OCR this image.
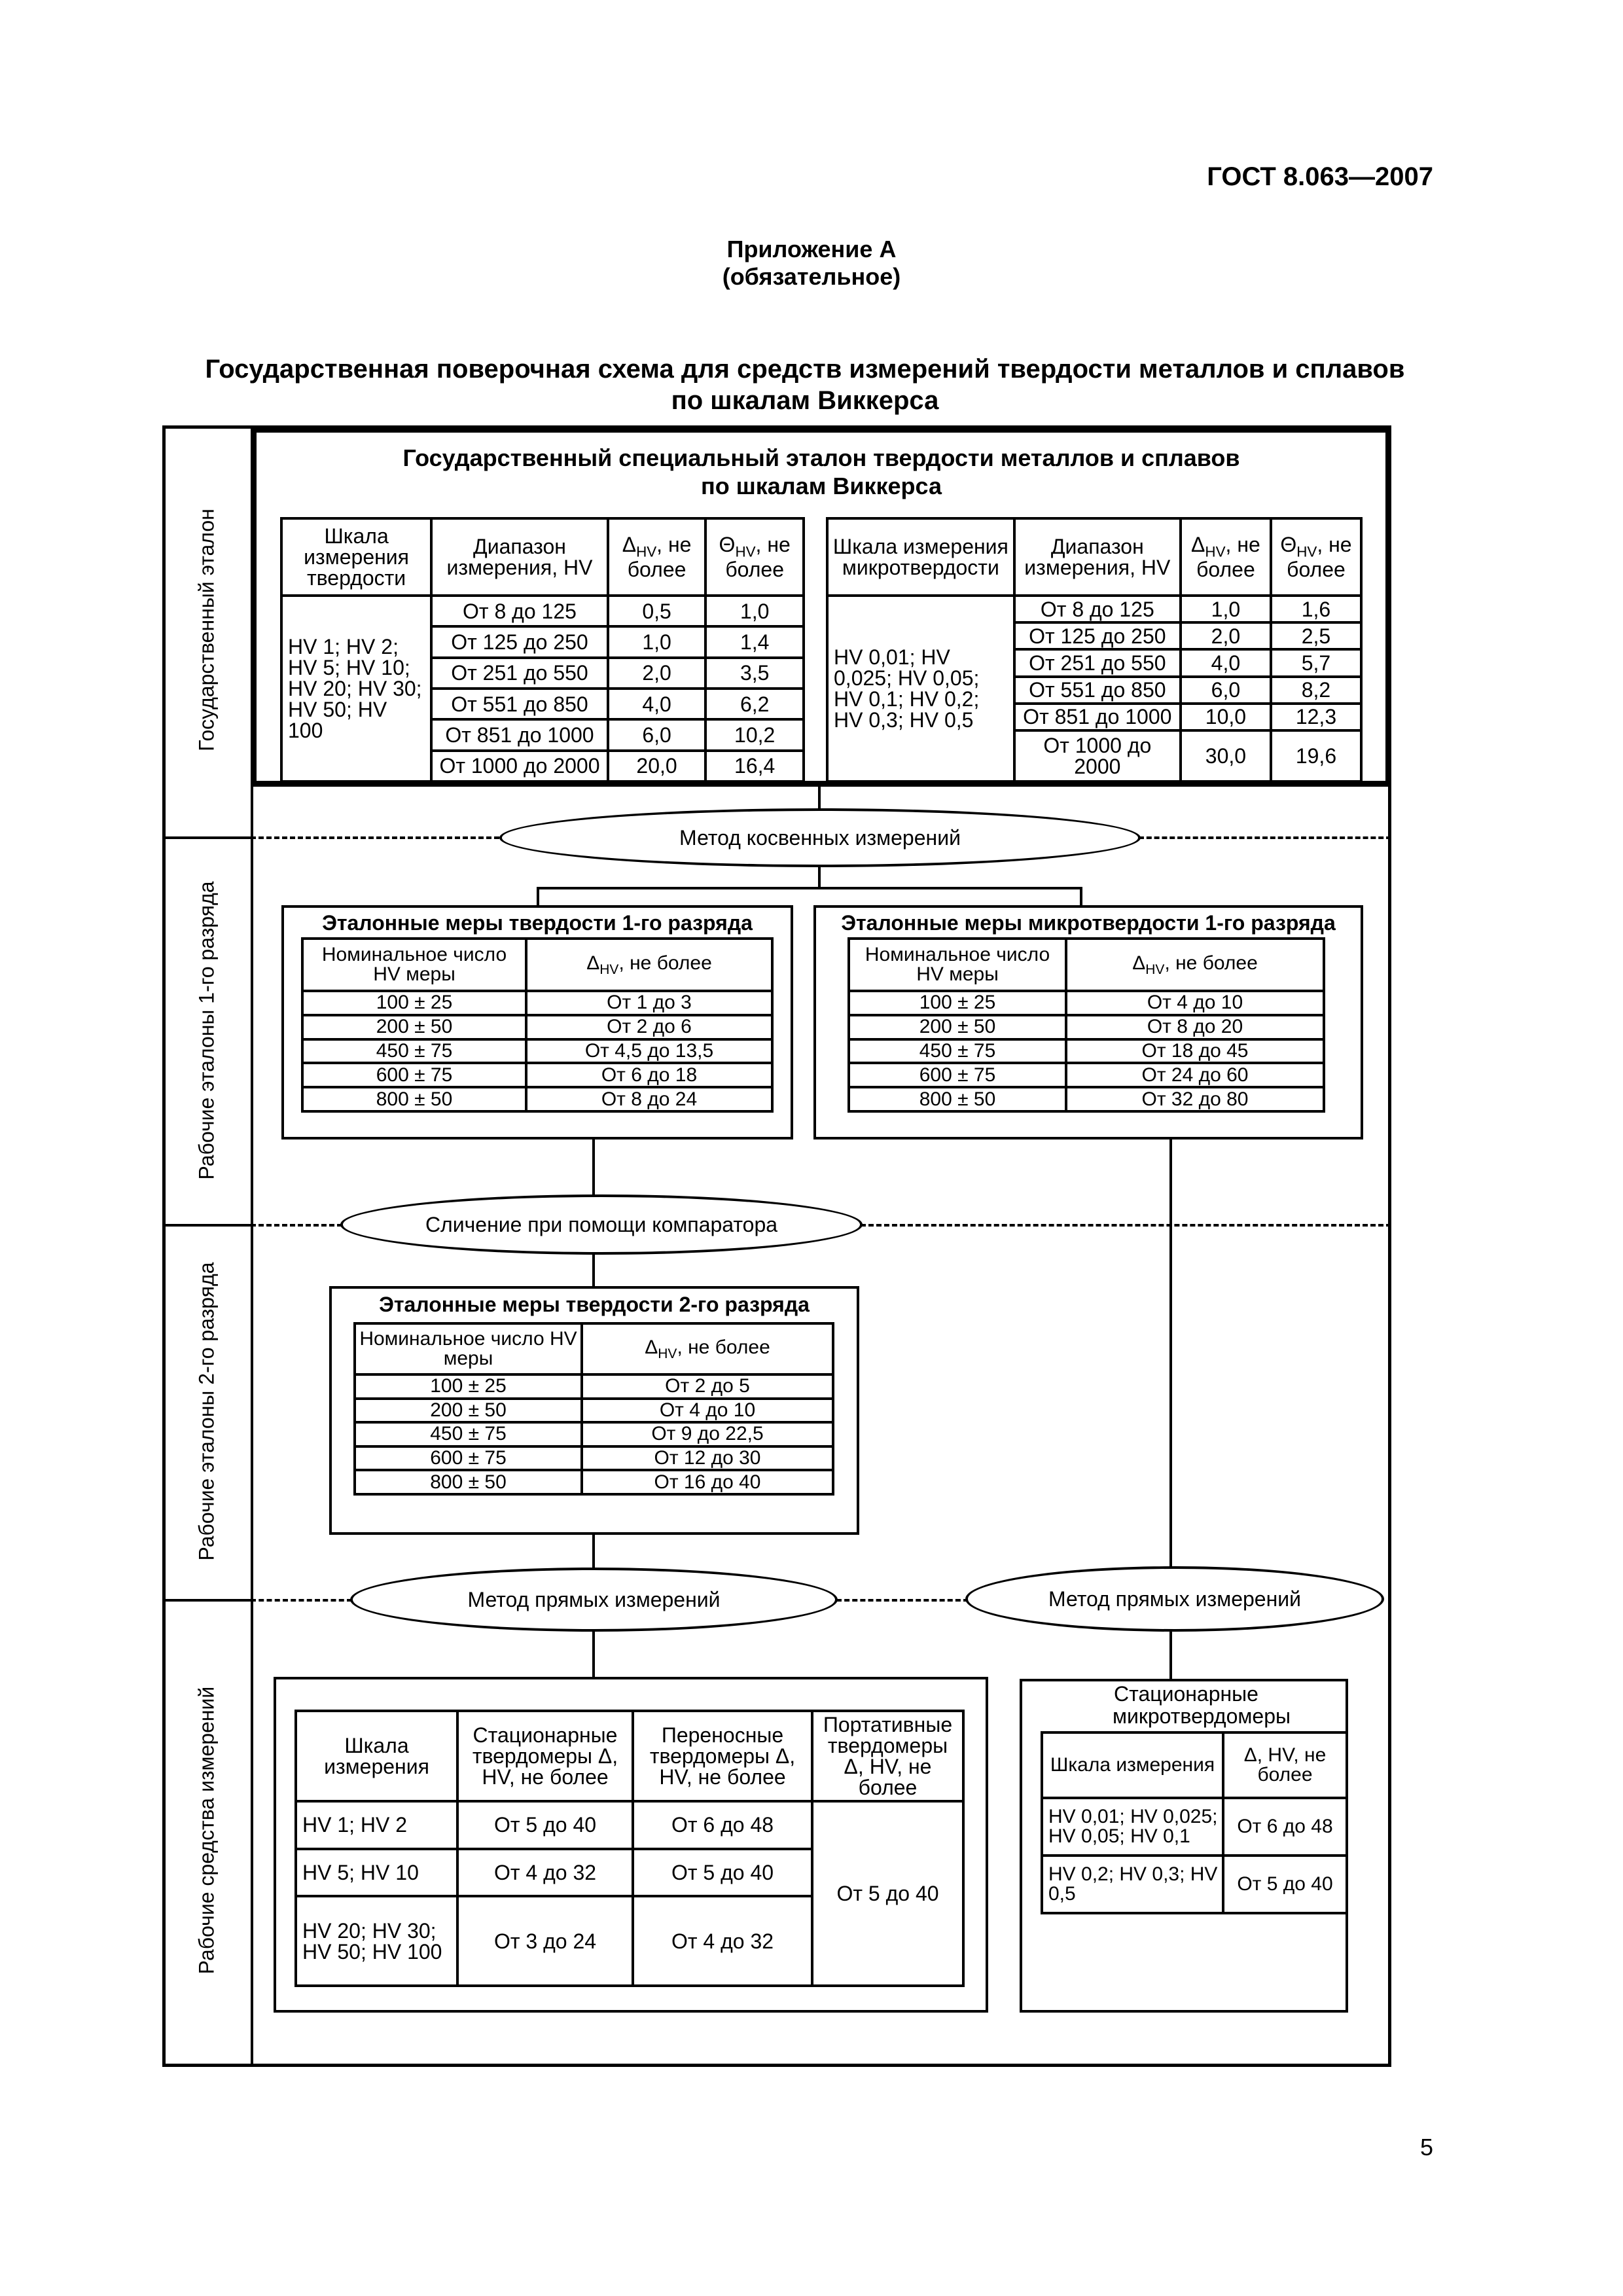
ГОСТ 8.063—2007
Приложение А
(обязательное)
Государственная поверочная схема для средств измерений твердости металлов и сплавов
по шкалам Виккерса
Государственный эталон
Рабочие эталоны 1-го разряда
Рабочие эталоны 2-го разряда
Рабочие средства измерений
Государственный специальный эталон твердости металлов и сплавов
по шкалам Виккерса
Шкала измерения твердости	Диапазон измерения, HV	$\Delta_{HV}$, не более	$\Theta_{HV}$, не более
HV 1; HV 2; HV 5; HV 10; HV 20; HV 30; HV 50; HV 100	От 8 до 125	0,5	1,0
	От 125 до 250	1,0	1,4
	От 251 до 550	2,0	3,5
	От 551 до 850	4,0	6,2
	От 851 до 1000	6,0	10,2
	От 1000 до 2000	20,0	16,4
Шкала измерения микротвердости	Диапазон измерения, HV	$\Delta_{HV}$, не более	$\Theta_{HV}$, не более
HV 0,01; HV 0,025; HV 0,05; HV 0,1; HV 0,2; HV 0,3; HV 0,5	От 8 до 125	1,0	1,6
	От 125 до 250	2,0	2,5
	От 251 до 550	4,0	5,7
	От 551 до 850	6,0	8,2
	От 851 до 1000	10,0	12,3
	От 1000 до 2000	30,0	19,6
Метод косвенных измерений
Эталонные меры твердости 1-го разряда
Номинальное число HV меры	$\Delta_{HV}$, не более
100 ± 25	От 1 до 3
200 ± 50	От 2 до 6
450 ± 75	От 4,5 до 13,5
600 ± 75	От 6 до 18
800 ± 50	От 8 до 24
Эталонные меры микротвердости 1-го разряда
Номинальное число HV меры	$\Delta_{HV}$, не более
100 ± 25	От 4 до 10
200 ± 50	От 8 до 20
450 ± 75	От 18 до 45
600 ± 75	От 24 до 60
800 ± 50	От 32 до 80
Сличение при помощи компаратора
Эталонные меры твердости 2-го разряда
Номинальное число HV меры	$\Delta_{HV}$, не более
100 ± 25	От 2 до 5
200 ± 50	От 4 до 10
450 ± 75	От 9 до 22,5
600 ± 75	От 12 до 30
800 ± 50	От 16 до 40
Метод прямых измерений	Метод прямых измерений
Шкала измерения	Стационарные твердомеры Δ, HV, не более	Переносные твердомеры Δ, HV, не более	Портативные твердомеры Δ, HV, не более
HV 1; HV 2	От 5 до 40	От 6 до 48	От 5 до 40
HV 5; HV 10	От 4 до 32	От 5 до 40	
HV 20; HV 30; HV 50; HV 100	От 3 до 24	От 4 до 32	
Стационарные микротвердомеры
Шкала измерения	Δ, HV, не более
HV 0,01; HV 0,025; HV 0,05; HV 0,1	От 6 до 48
HV 0,2; HV 0,3; HV 0,5	От 5 до 40
5
